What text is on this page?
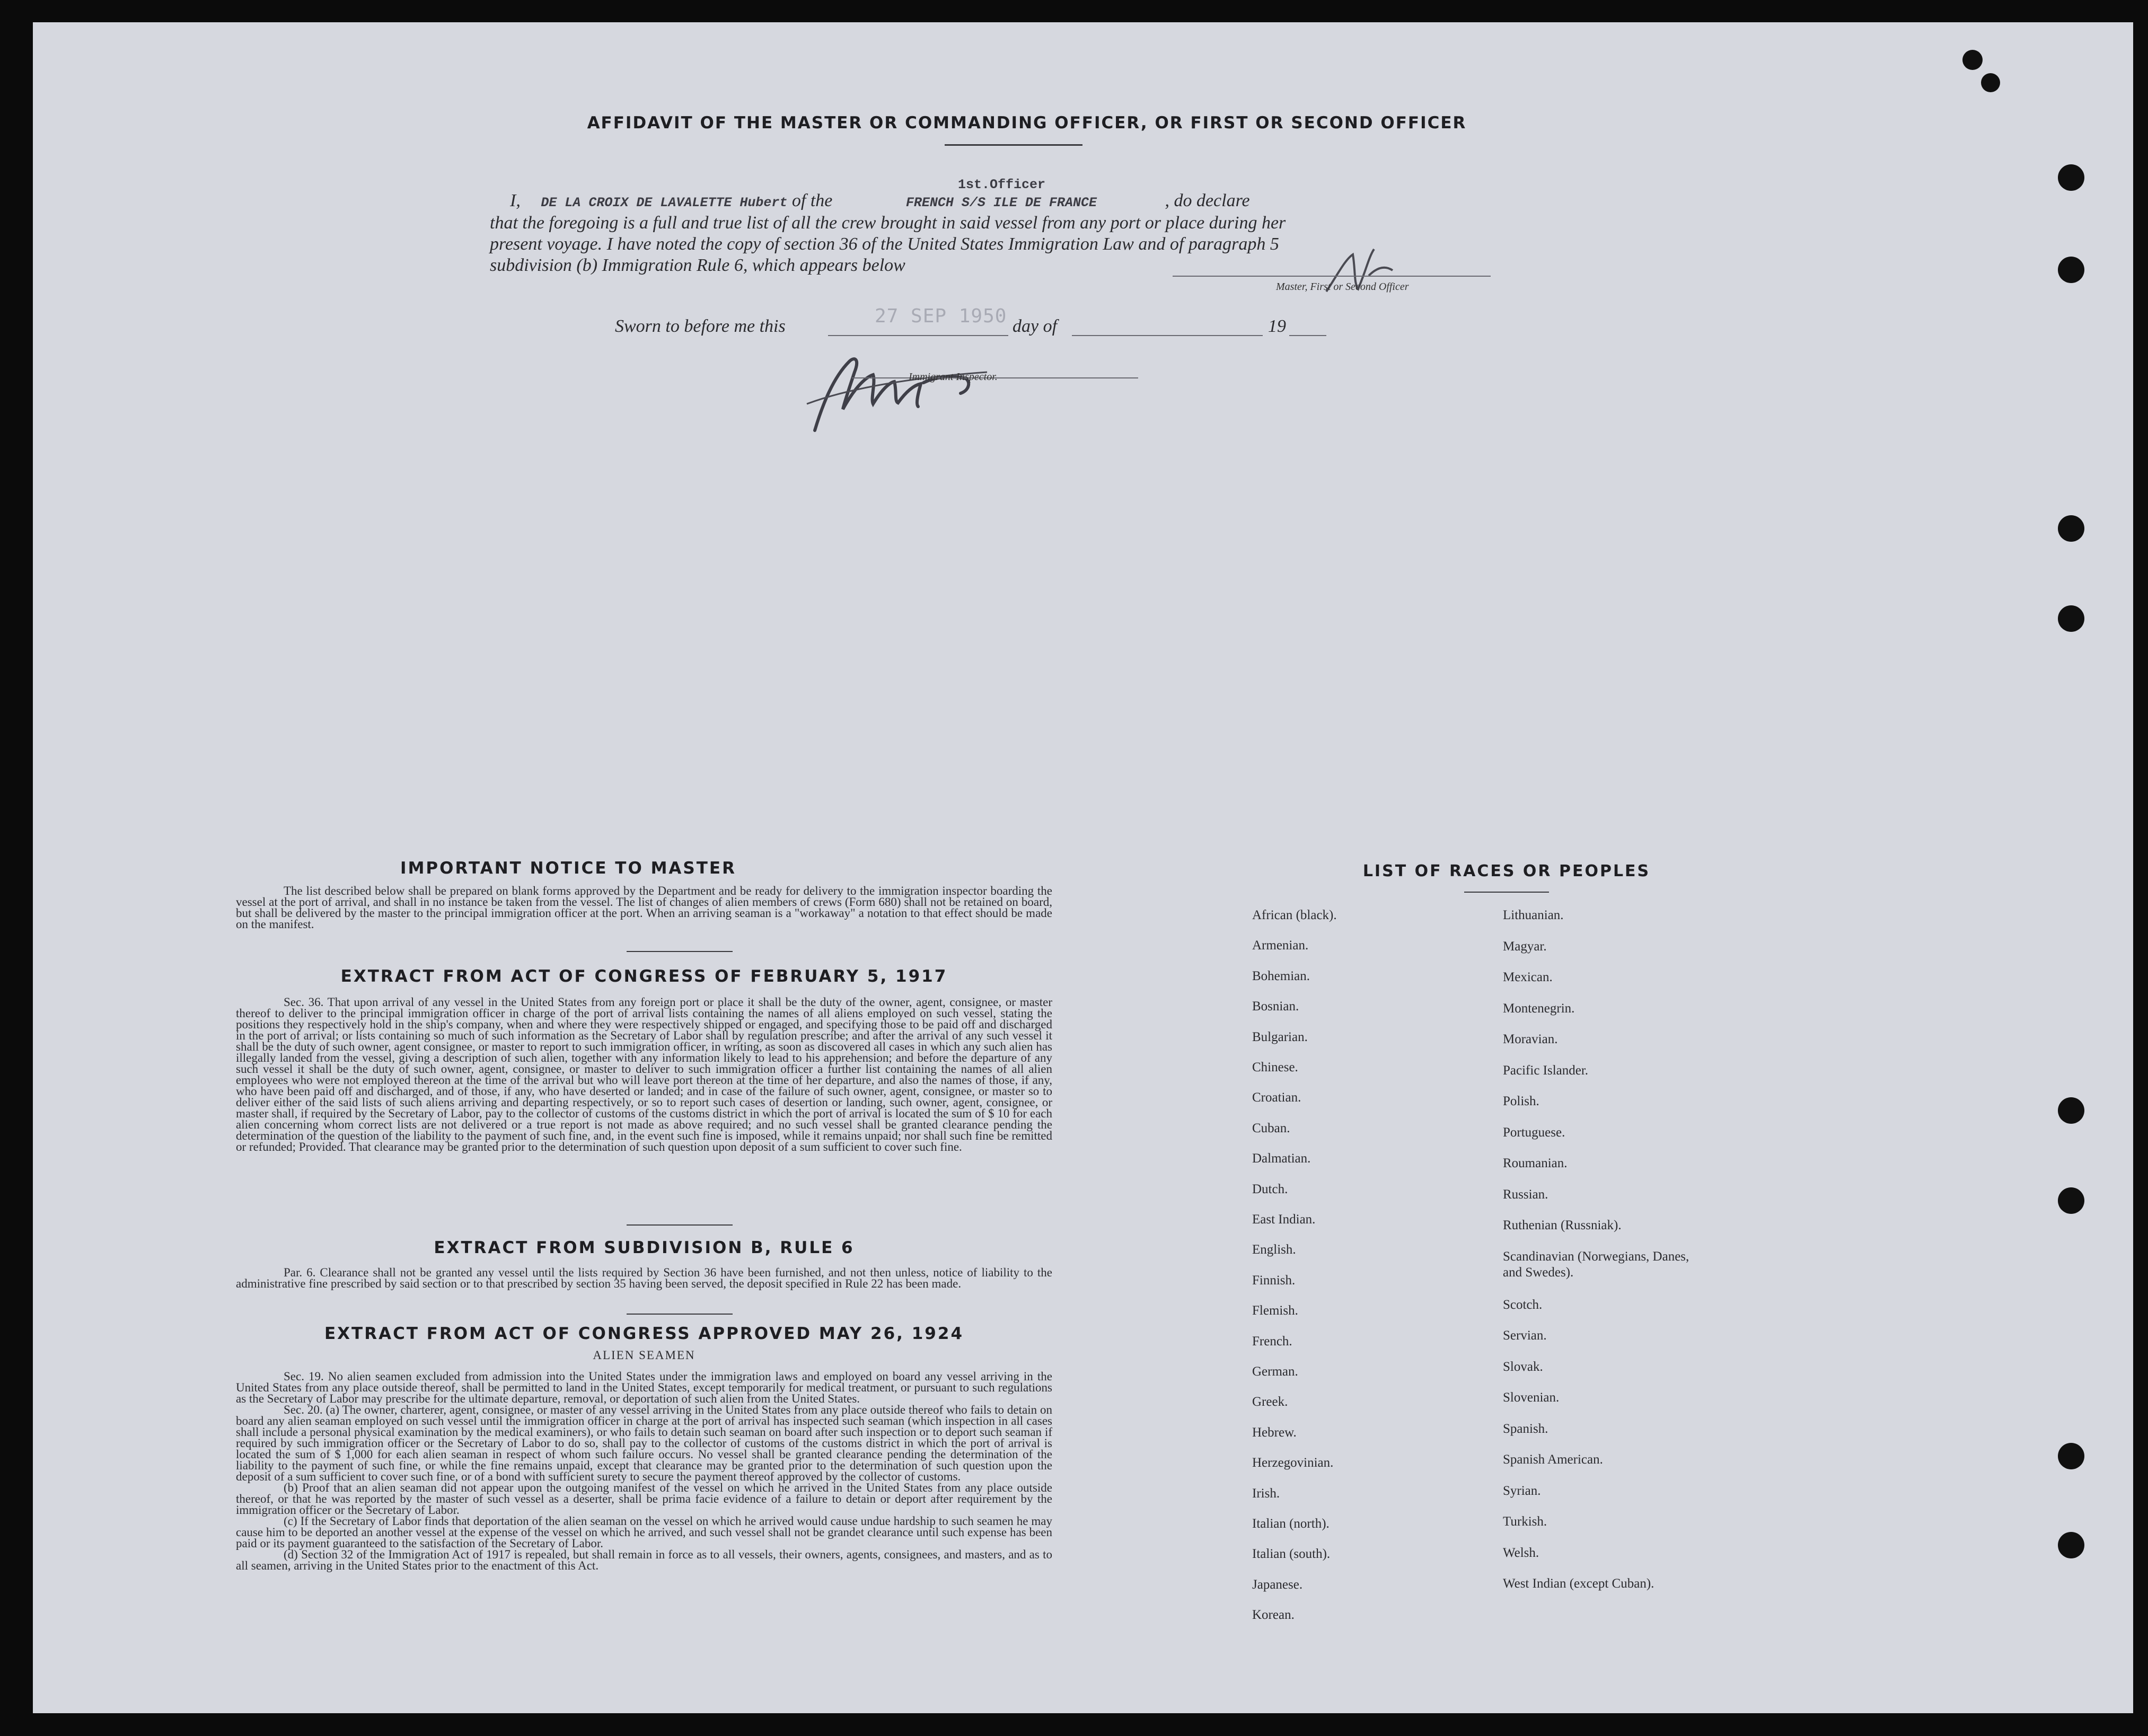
AFFIDAVIT OF THE MASTER OR COMMANDING OFFICER, OR FIRST OR SECOND OFFICER
I, DE LA CROIX DE LAVALETTE Hubert of the	FRENCH S/S ILE DE FRANCE	, do declare
1st.Officer
that the foregoing is a full and true list of all the crew brought in said vessel from any port or place during her
present voyage. I have noted the copy of section 36 of the United States Immigration Law and of paragraph 5
subdivision (b) Immigration Rule 6, which appears below
Master, First or Second Officer
Sworn to before me this	27 SEP 1950 day of	19
Immigrant Inspector.
IMPORTANT NOTICE TO MASTER
The list described below shall be prepared on blank forms approved by the Department and be ready for delivery to the immigration inspector boarding the vessel at the port of arrival, and shall in no instance be taken from the vessel. The list of changes of alien members of crews (Form 680) shall not be retained on board, but shall be delivered by the master to the principal immigration officer at the port. When an arriving seaman is a "workaway" a notation to that effect should be made on the manifest.
EXTRACT FROM ACT OF CONGRESS OF FEBRUARY 5, 1917
Sec. 36. That upon arrival of any vessel in the United States from any foreign port or place it shall be the duty of the owner, agent, consignee, or master thereof to deliver to the principal immigration officer in charge of the port of arrival lists containing the names of all aliens employed on such vessel, stating the positions they respectively hold in the ship's company, when and where they were respectively shipped or engaged, and specifying those to be paid off and discharged in the port of arrival; or lists containing so much of such information as the Secretary of Labor shall by regulation prescribe; and after the arrival of any such vessel it shall be the duty of such owner, agent consignee, or master to report to such immigration officer, in writing, as soon as discovered all cases in which any such alien has illegally landed from the vessel, giving a description of such alien, together with any information likely to lead to his apprehension; and before the departure of any such vessel it shall be the duty of such owner, agent, consignee, or master to deliver to such immigration officer a further list containing the names of all alien employees who were not employed thereon at the time of the arrival but who will leave port thereon at the time of her departure, and also the names of those, if any, who have been paid off and discharged, and of those, if any, who have deserted or landed; and in case of the failure of such owner, agent, consignee, or master so to deliver either of the said lists of such aliens arriving and departing respectively, or so to report such cases of desertion or landing, such owner, agent, consignee, or master shall, if required by the Secretary of Labor, pay to the collector of customs of the customs district in which the port of arrival is located the sum of $ 10 for each alien concerning whom correct lists are not delivered or a true report is not made as above required; and no such vessel shall be granted clearance pending the determination of the question of the liability to the payment of such fine, and, in the event such fine is imposed, while it remains unpaid; nor shall such fine be remitted or refunded; Provided. That clearance may be granted prior to the determination of such question upon deposit of a sum sufficient to cover such fine.
EXTRACT FROM SUBDIVISION B, RULE 6
Par. 6. Clearance shall not be granted any vessel until the lists required by Section 36 have been furnished, and not then unless, notice of liability to the administrative fine prescribed by said section or to that prescribed by section 35 having been served, the deposit specified in Rule 22 has been made.
EXTRACT FROM ACT OF CONGRESS APPROVED MAY 26, 1924
ALIEN SEAMEN
Sec. 19. No alien seamen excluded from admission into the United States under the immigration laws and employed on board any vessel arriving in the United States from any place outside thereof, shall be permitted to land in the United States, except temporarily for medical treatment, or pursuant to such regulations as the Secretary of Labor may prescribe for the ultimate departure, removal, or deportation of such alien from the United States.
Sec. 20. (a) The owner, charterer, agent, consignee, or master of any vessel arriving in the United States from any place outside thereof who fails to detain on board any alien seaman employed on such vessel until the immigration officer in charge at the port of arrival has inspected such seaman (which inspection in all cases shall include a personal physical examination by the medical examiners), or who fails to detain such seaman on board after such inspection or to deport such seaman if required by such immigration officer or the Secretary of Labor to do so, shall pay to the collector of customs of the customs district in which the port of arrival is located the sum of $ 1,000 for each alien seaman in respect of whom such failure occurs. No vessel shall be granted clearance pending the determination of the liability to the payment of such fine, or while the fine remains unpaid, except that clearance may be granted prior to the determination of such question upon the deposit of a sum sufficient to cover such fine, or of a bond with sufficient surety to secure the payment thereof approved by the collector of customs.
(b) Proof that an alien seaman did not appear upon the outgoing manifest of the vessel on which he arrived in the United States from any place outside thereof, or that he was reported by the master of such vessel as a deserter, shall be prima facie evidence of a failure to detain or deport after requirement by the immigration officer or the Secretary of Labor.
(c) If the Secretary of Labor finds that deportation of the alien seaman on the vessel on which he arrived would cause undue hardship to such seamen he may cause him to be deported an another vessel at the expense of the vessel on which he arrived, and such vessel shall not be grandet clearance until such expense has been paid or its payment guaranteed to the satisfaction of the Secretary of Labor.
(d) Section 32 of the Immigration Act of 1917 is repealed, but shall remain in force as to all vessels, their owners, agents, consignees, and masters, and as to all seamen, arriving in the United States prior to the enactment of this Act.
LIST OF RACES OR PEOPLES
African (black).
Armenian.
Bohemian.
Bosnian.
Bulgarian.
Chinese.
Croatian.
Cuban.
Dalmatian.
Dutch.
East Indian.
English.
Finnish.
Flemish.
French.
German.
Greek.
Hebrew.
Herzegovinian.
Irish.
Italian (north).
Italian (south).
Japanese.
Korean.
Lithuanian.
Magyar.
Mexican.
Montenegrin.
Moravian.
Pacific Islander.
Polish.
Portuguese.
Roumanian.
Russian.
Ruthenian (Russniak).
Scandinavian (Norwegians, Danes, and Swedes).
Scotch.
Servian.
Slovak.
Slovenian.
Spanish.
Spanish American.
Syrian.
Turkish.
Welsh.
West Indian (except Cuban).
